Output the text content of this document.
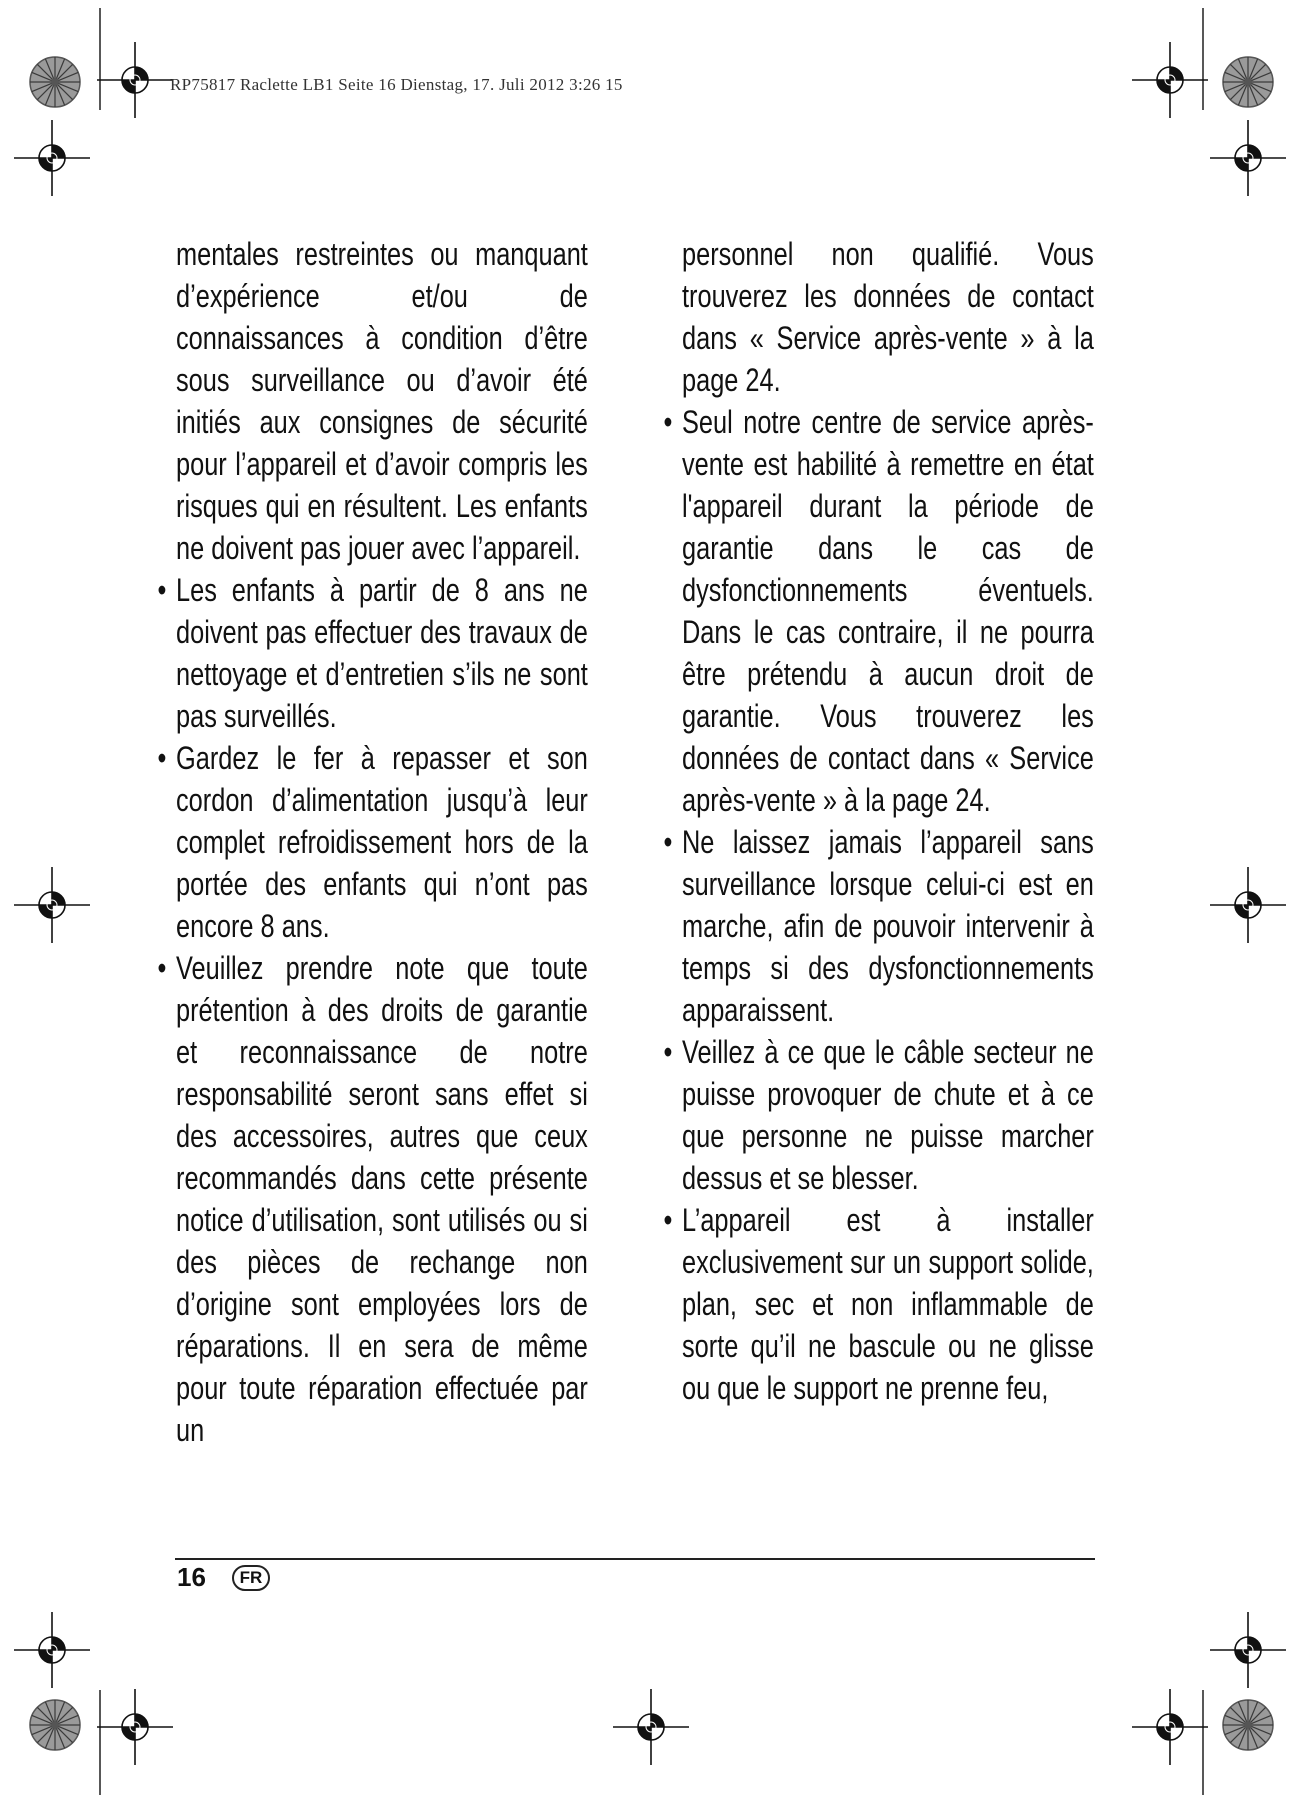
RP75817 Raclette LB1 Seite 16 Dienstag, 17. Juli 2012 3:26 15

mentales restreintes ou manquant d’expérience et/ou de connaissances à condition d’être sous surveillance ou d’avoir été initiés aux consignes de sécurité pour l’appareil et d’avoir compris les risques qui en résultent. Les enfants ne doivent pas jouer avec l’appareil.

• Les enfants à partir de 8 ans ne doivent pas effectuer des travaux de nettoyage et d’entretien s’ils ne sont pas surveillés.
• Gardez le fer à repasser et son cordon d’alimentation jusqu’à leur complet refroidissement hors de la portée des enfants qui n’ont pas encore 8 ans.
• Veuillez prendre note que toute prétention à des droits de garantie et reconnaissance de notre responsabilité seront sans effet si des accessoires, autres que ceux recommandés dans cette présente notice d’utilisation, sont utilisés ou si des pièces de rechange non d’origine sont employées lors de réparations. Il en sera de même pour toute réparation effectuée par un

personnel non qualifié. Vous trouverez les données de contact dans « Service après-vente » à la page 24.

• Seul notre centre de service après-vente est habilité à remettre en état l'appareil durant la période de garantie dans le cas de dysfonctionnements éventuels. Dans le cas contraire, il ne pourra être prétendu à aucun droit de garantie. Vous trouverez les données de contact dans « Service après-vente » à la page 24.
• Ne laissez jamais l’appareil sans surveillance lorsque celui-ci est en marche, afin de pouvoir intervenir à temps si des dysfonctionnements apparaissent.
• Veillez à ce que le câble secteur ne puisse provoquer de chute et à ce que personne ne puisse marcher dessus et se blesser.
• L’appareil est à installer exclusivement sur un support solide, plan, sec et non inflammable de sorte qu’il ne bascule ou ne glisse ou que le support ne prenne feu,
16	FR
